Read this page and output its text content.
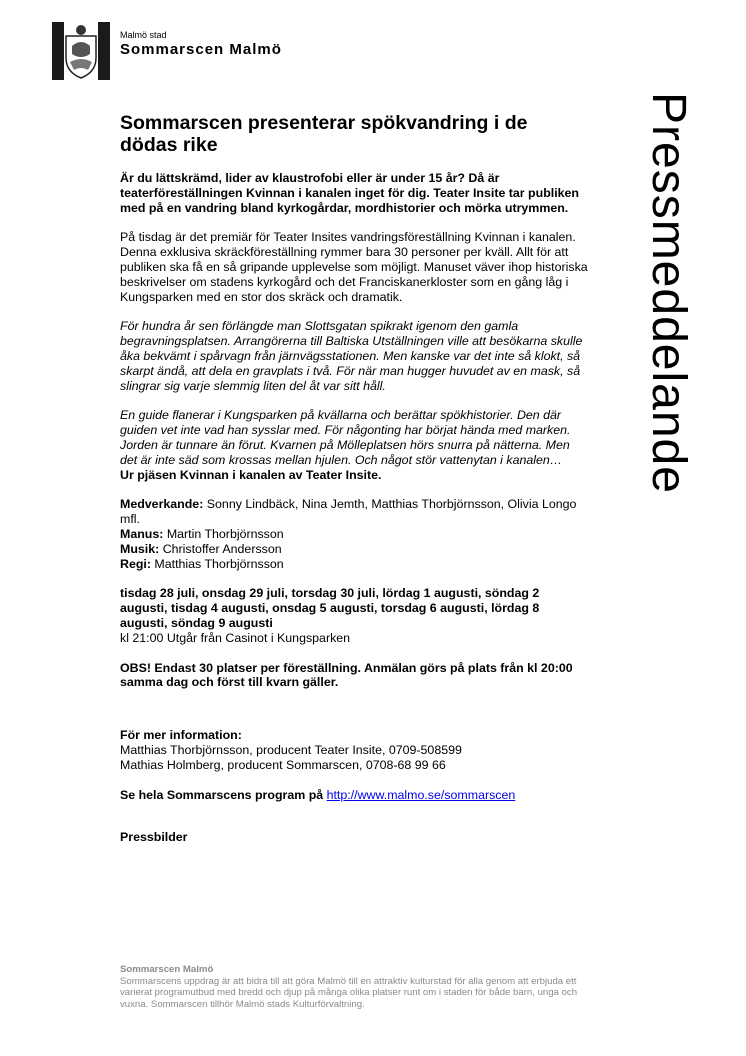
Malmö stad
Sommarscen Malmö
Pressmeddelande
Sommarscen presenterar spökvandring i de dödas rike

Är du lättskrämd, lider av klaustrofobi eller är under 15 år? Då är teaterföreställningen Kvinnan i kanalen inget för dig. Teater Insite tar publiken med på en vandring bland kyrkogårdar, mordhistorier och mörka utrymmen.

På tisdag är det premiär för Teater Insites vandringsföreställning Kvinnan i kanalen. Denna exklusiva skräckföreställning rymmer bara 30 personer per kväll. Allt för att publiken ska få en så gripande upplevelse som möjligt. Manuset väver ihop historiska beskrivelser om stadens kyrkogård och det Franciskanerkloster som en gång låg i Kungsparken med en stor dos skräck och dramatik.

För hundra år sen förlängde man Slottsgatan spikrakt igenom den gamla begravningsplatsen. Arrangörerna till Baltiska Utställningen ville att besökarna skulle åka bekvämt i spårvagn från järnvägsstationen. Men kanske var det inte så klokt, så skarpt ändå, att dela en gravplats i två. För när man hugger huvudet av en mask, så slingrar sig varje slemmig liten del åt var sitt håll.

En guide flanerar i Kungsparken på kvällarna och berättar spökhistorier. Den där guiden vet inte vad han sysslar med. För någonting har börjat hända med marken. Jorden är tunnare än förut. Kvarnen på Mölleplatsen hörs snurra på nätterna. Men det är inte säd som krossas mellan hjulen. Och något stör vattenytan i kanalen…
Ur pjäsen Kvinnan i kanalen av Teater Insite.

Medverkande: Sonny Lindbäck, Nina Jemth, Matthias Thorbjörnsson, Olivia Longo mfl.
Manus: Martin Thorbjörnsson
Musik: Christoffer Andersson
Regi: Matthias Thorbjörnsson

tisdag 28 juli, onsdag 29 juli, torsdag 30 juli, lördag 1 augusti, söndag 2 augusti, tisdag 4 augusti, onsdag 5 augusti, torsdag 6 augusti, lördag 8 augusti, söndag 9 augusti
kl 21:00 Utgår från Casinot i Kungsparken

OBS! Endast 30 platser per föreställning. Anmälan görs på plats från kl 20:00 samma dag och först till kvarn gäller.

För mer information:
Matthias Thorbjörnsson, producent Teater Insite, 0709-508599
Mathias Holmberg, producent Sommarscen, 0708-68 99 66

Se hela Sommarscens program på http://www.malmo.se/sommarscen

Pressbilder

Sommarscen Malmö
Sommarscens uppdrag är att bidra till att göra Malmö till en attraktiv kulturstad för alla genom att erbjuda ett varierat programutbud med bredd och djup på många olika platser runt om i staden för både barn, unga och vuxna. Sommarscen tillhör Malmö stads Kulturförvaltning.
